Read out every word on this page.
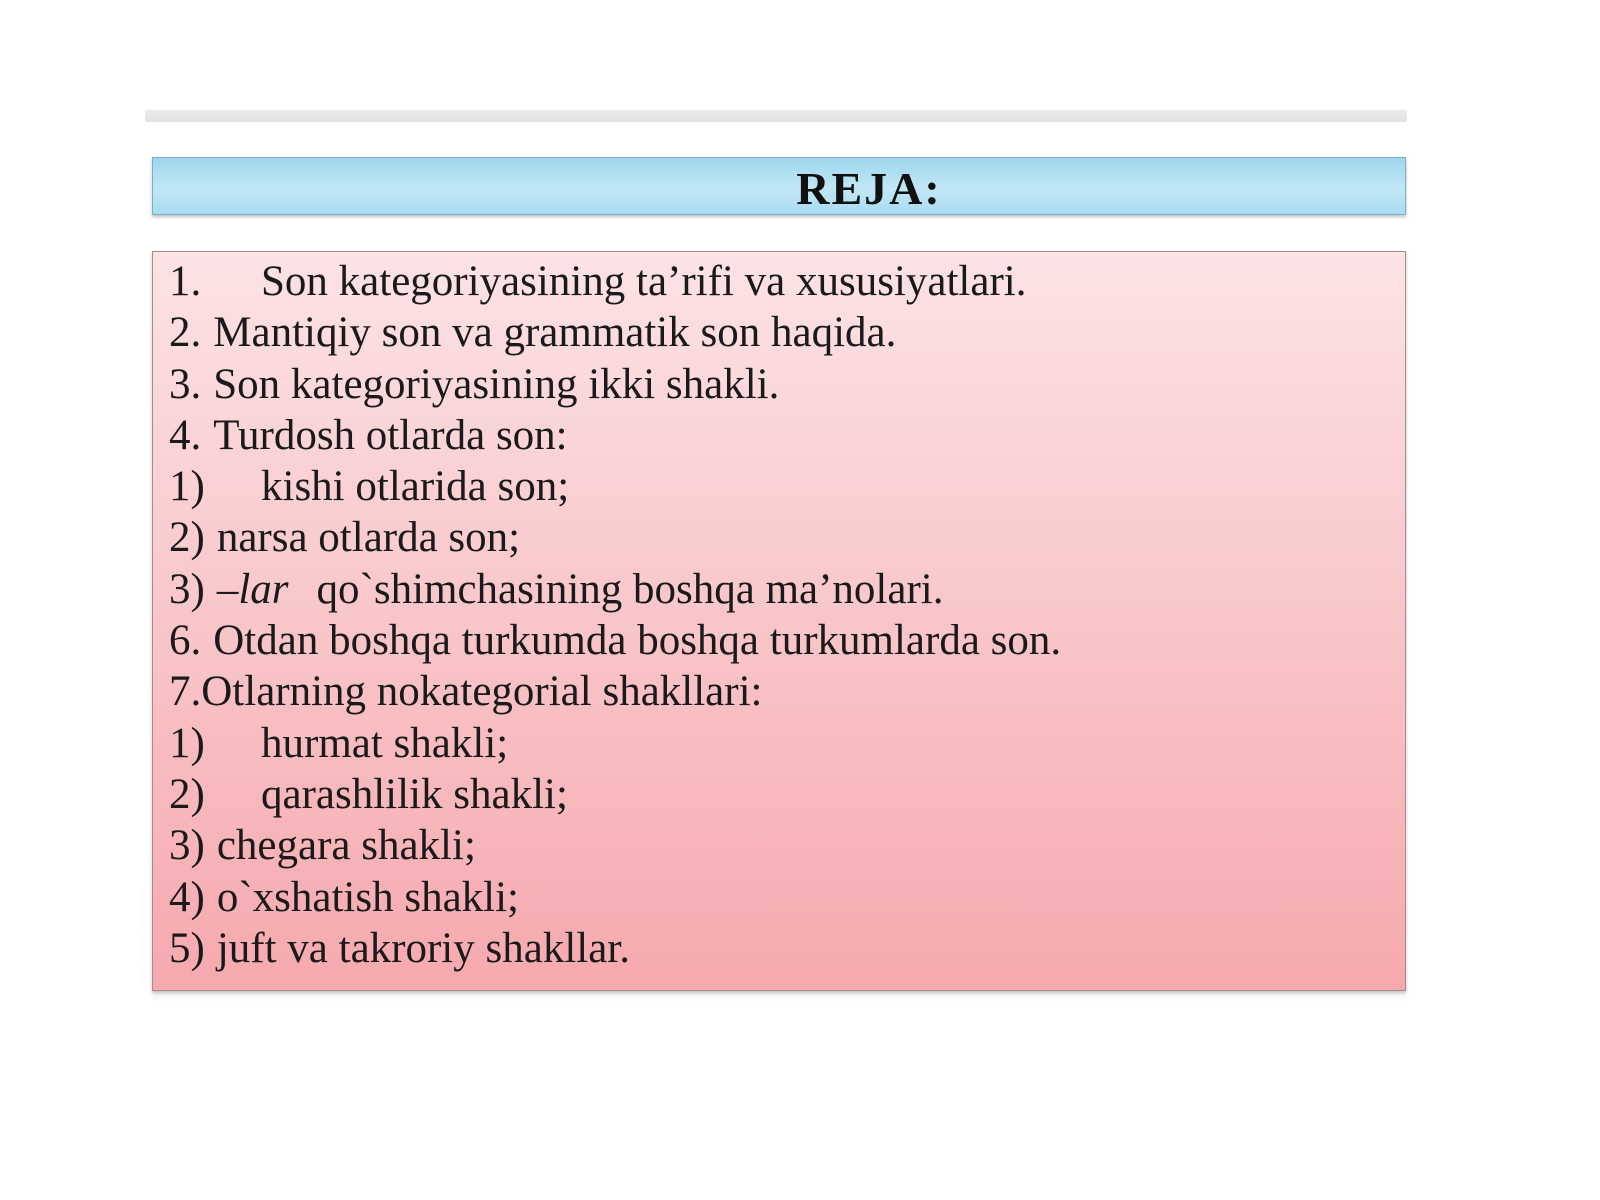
REJA:
1. Son kategoriyasining ta’rifi va xususiyatlari.
2. Mantiqiy son va grammatik son haqida.
3. Son kategoriyasining ikki shakli.
4. Turdosh otlarda son:
1) kishi otlarida son;
2) narsa otlarda son;
3) –lar qo`shimchasining boshqa ma’nolari.
6. Otdan boshqa turkumda boshqa turkumlarda son.
7.Otlarning nokategorial shakllari:
1) hurmat shakli;
2) qarashlilik shakli;
3) chegara shakli;
4) o`xshatish shakli;
5) juft va takroriy shakllar.
